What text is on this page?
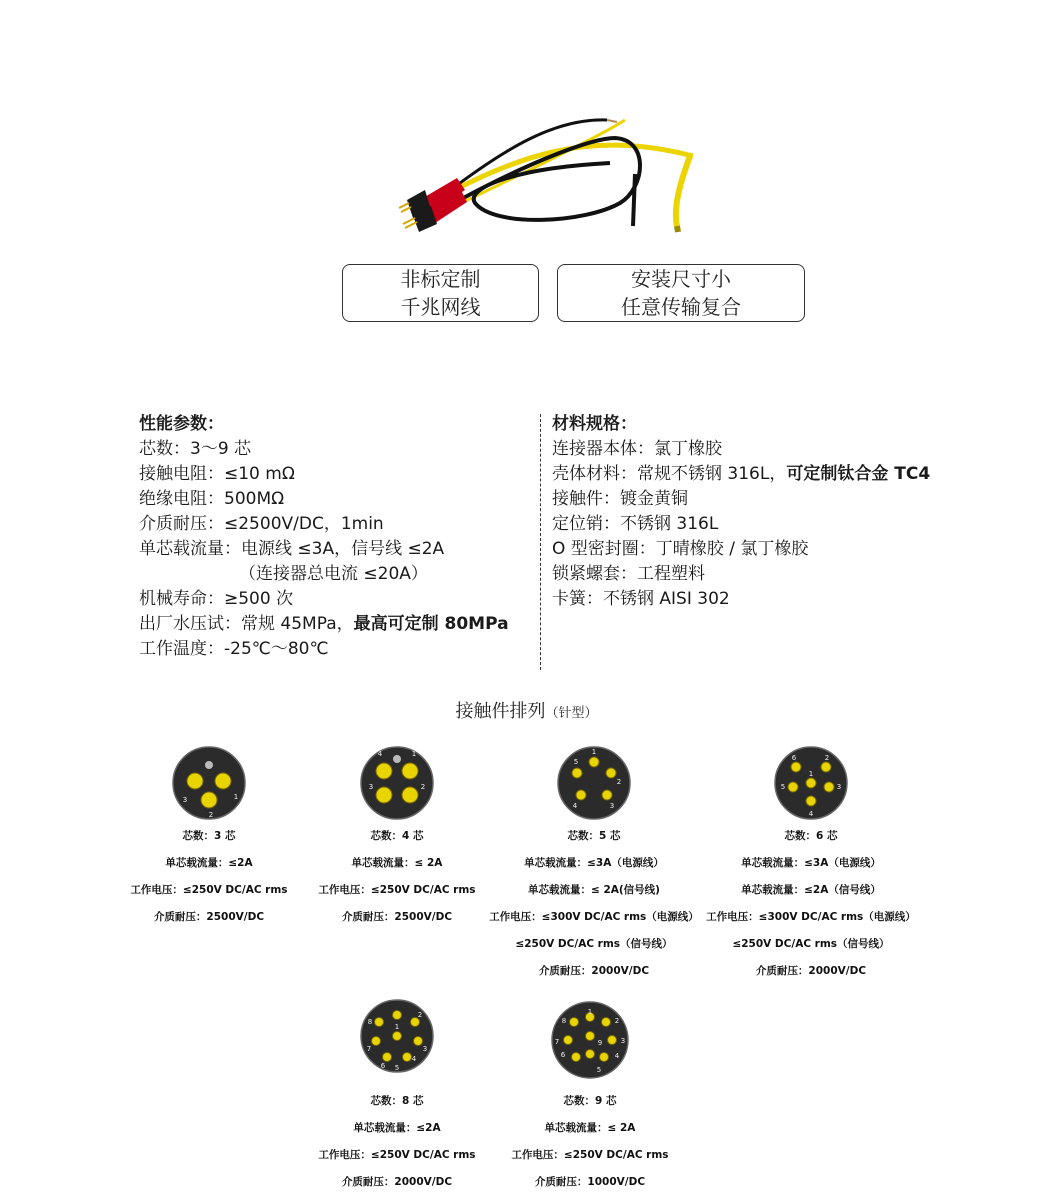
非标定制
千兆网线
安装尺寸小
任意传输复合
性能参数：
芯数：3～9 芯
接触电阻：≤10 mΩ
绝缘电阻：500MΩ
介质耐压：≤2500V/DC，1min
单芯载流量：电源线 ≤3A，信号线 ≤2A
（连接器总电流 ≤20A）
机械寿命：≥500 次
出厂水压试：常规 45MPa，最高可定制 80MPa
工作温度：-25℃～80℃
材料规格：
连接器本体：氯丁橡胶
壳体材料：常规不锈钢 316L，可定制钛合金 TC4
接触件：镀金黄铜
定位销：不锈钢 316L
O 型密封圈：丁晴橡胶 / 氯丁橡胶
锁紧螺套：工程塑料
卡簧：不锈钢 AISI 302
接触件排列（针型）
3
2
1
芯数：3 芯
单芯载流量：≤2A
工作电压：≤250V DC/AC rms
介质耐压：2500V/DC
4	1
3	2
芯数：4 芯
单芯载流量：≤ 2A
工作电压：≤250V DC/AC rms
介质耐压：2500V/DC
5
1
2
4	3
芯数：5 芯
单芯载流量：≤3A（电源线）
单芯载流量：≤ 2A(信号线)
工作电压：≤300V DC/AC rms（电源线）
≤250V DC/AC rms（信号线）
介质耐压：2000V/DC
6	2
5
1
3
4
芯数：6 芯
单芯载流量：≤3A（电源线）
单芯载流量：≤2A（信号线）
工作电压：≤300V DC/AC rms（电源线）
≤250V DC/AC rms（信号线）
介质耐压：2000V/DC
8
1
2
7	3
6
4
5
芯数：8 芯
单芯载流量：≤2A
工作电压：≤250V DC/AC rms
介质耐压：2000V/DC
8
1
2
7	9	3
6	4
5
芯数：9 芯
单芯载流量：≤ 2A
工作电压：≤250V DC/AC rms
介质耐压：1000V/DC
